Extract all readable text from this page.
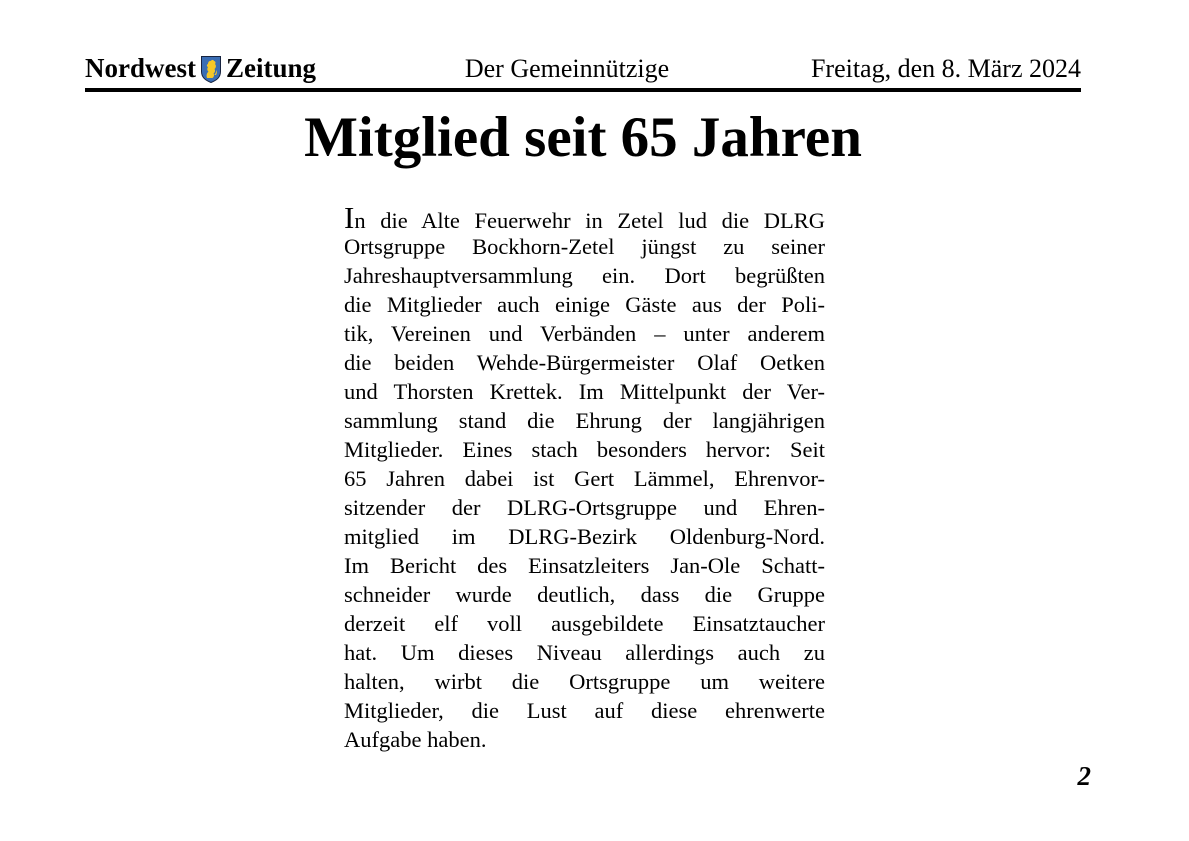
Nordwest Zeitung	Der Gemeinnützige	Freitag, den 8. März 2024
Mitglied seit 65 Jahren
In die Alte Feuerwehr in Zetel lud die DLRG
Ortsgruppe Bockhorn-Zetel jüngst zu seiner
Jahreshauptversammlung ein. Dort begrüßten
die Mitglieder auch einige Gäste aus der Poli-
tik, Vereinen und Verbänden – unter anderem
die beiden Wehde-Bürgermeister Olaf Oetken
und Thorsten Krettek. Im Mittelpunkt der Ver-
sammlung stand die Ehrung der langjährigen
Mitglieder. Eines stach besonders hervor: Seit
65 Jahren dabei ist Gert Lämmel, Ehrenvor-
sitzender der DLRG-Ortsgruppe und Ehren-
mitglied im DLRG-Bezirk Oldenburg-Nord.
Im Bericht des Einsatzleiters Jan-Ole Schatt-
schneider wurde deutlich, dass die Gruppe
derzeit elf voll ausgebildete Einsatztaucher
hat. Um dieses Niveau allerdings auch zu
halten, wirbt die Ortsgruppe um weitere
Mitglieder, die Lust auf diese ehrenwerte
Aufgabe haben.
2
